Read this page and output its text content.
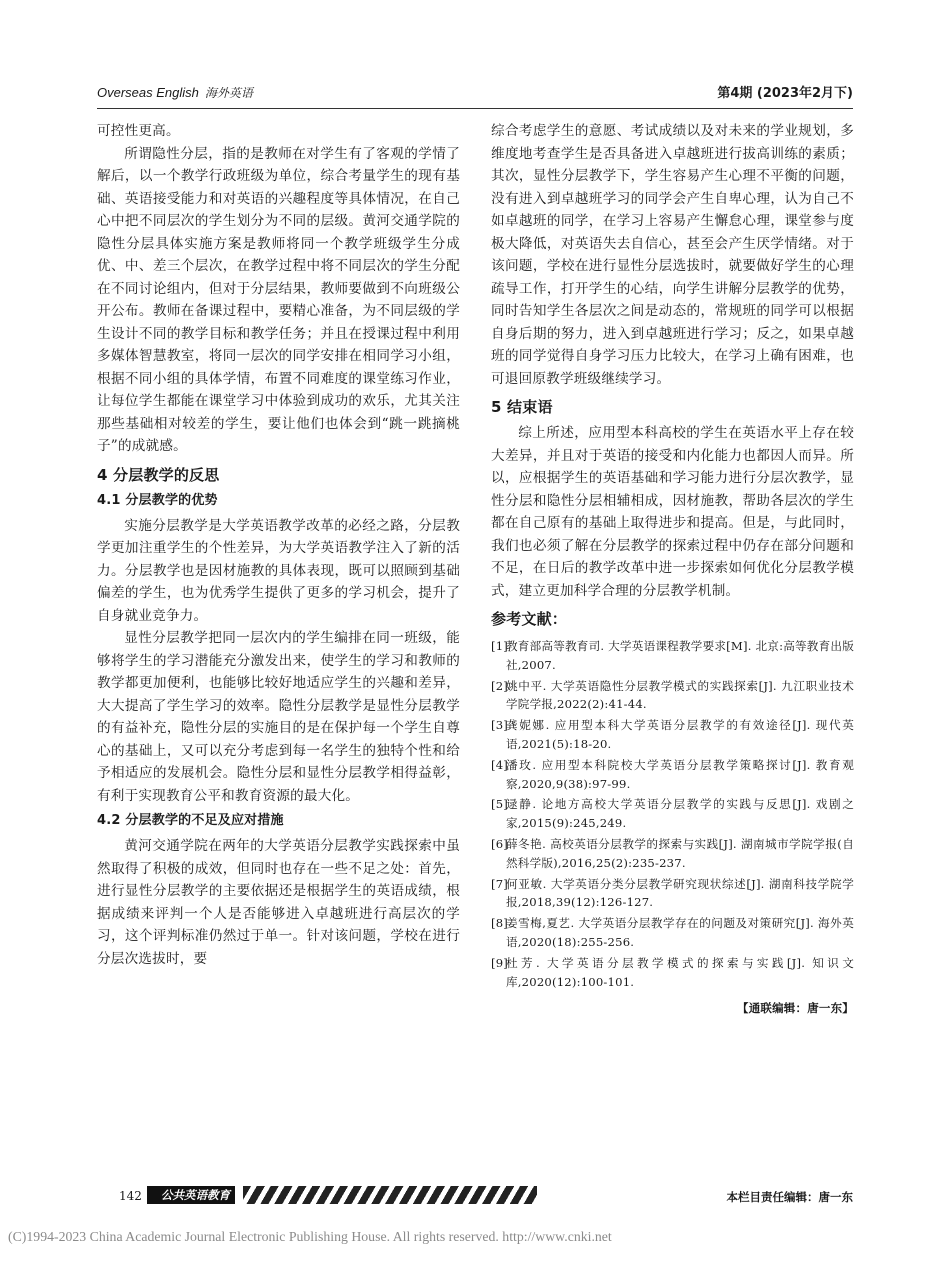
Overseas English 海外英语	第4期 (2023年2月下)

可控性更高。

所谓隐性分层，指的是教师在对学生有了客观的学情了解后，以一个教学行政班级为单位，综合考量学生的现有基础、英语接受能力和对英语的兴趣程度等具体情况，在自己心中把不同层次的学生划分为不同的层级。黄河交通学院的隐性分层具体实施方案是教师将同一个教学班级学生分成优、中、差三个层次，在教学过程中将不同层次的学生分配在不同讨论组内，但对于分层结果，教师要做到不向班级公开公布。教师在备课过程中，要精心准备，为不同层级的学生设计不同的教学目标和教学任务；并且在授课过程中利用多媒体智慧教室，将同一层次的同学安排在相同学习小组，根据不同小组的具体学情，布置不同难度的课堂练习作业，让每位学生都能在课堂学习中体验到成功的欢乐，尤其关注那些基础相对较差的学生，要让他们也体会到“跳一跳摘桃子”的成就感。

4 分层教学的反思
4.1 分层教学的优势

实施分层教学是大学英语教学改革的必经之路，分层教学更加注重学生的个性差异，为大学英语教学注入了新的活力。分层教学也是因材施教的具体表现，既可以照顾到基础偏差的学生，也为优秀学生提供了更多的学习机会，提升了自身就业竞争力。

显性分层教学把同一层次内的学生编排在同一班级，能够将学生的学习潜能充分激发出来，使学生的学习和教师的教学都更加便利，也能够比较好地适应学生的兴趣和差异，大大提高了学生学习的效率。隐性分层教学是显性分层教学的有益补充，隐性分层的实施目的是在保护每一个学生自尊心的基础上，又可以充分考虑到每一名学生的独特个性和给予相适应的发展机会。隐性分层和显性分层教学相得益彰，有利于实现教育公平和教育资源的最大化。

4.2 分层教学的不足及应对措施

黄河交通学院在两年的大学英语分层教学实践探索中虽然取得了积极的成效，但同时也存在一些不足之处：首先，进行显性分层教学的主要依据还是根据学生的英语成绩，根据成绩来评判一个人是否能够进入卓越班进行高层次的学习，这个评判标准仍然过于单一。针对该问题，学校在进行分层次选拔时，要

综合考虑学生的意愿、考试成绩以及对未来的学业规划，多维度地考查学生是否具备进入卓越班进行拔高训练的素质；其次，显性分层教学下，学生容易产生心理不平衡的问题，没有进入到卓越班学习的同学会产生自卑心理，认为自己不如卓越班的同学，在学习上容易产生懈怠心理，课堂参与度极大降低，对英语失去自信心，甚至会产生厌学情绪。对于该问题，学校在进行显性分层选拔时，就要做好学生的心理疏导工作，打开学生的心结，向学生讲解分层教学的优势，同时告知学生各层次之间是动态的，常规班的同学可以根据自身后期的努力，进入到卓越班进行学习；反之，如果卓越班的同学觉得自身学习压力比较大，在学习上确有困难，也可退回原教学班级继续学习。

5 结束语

综上所述，应用型本科高校的学生在英语水平上存在较大差异，并且对于英语的接受和内化能力也都因人而异。所以，应根据学生的英语基础和学习能力进行分层次教学，显性分层和隐性分层相辅相成，因材施教，帮助各层次的学生都在自己原有的基础上取得进步和提高。但是，与此同时，我们也必须了解在分层教学的探索过程中仍存在部分问题和不足，在日后的教学改革中进一步探索如何优化分层教学模式，建立更加科学合理的分层教学机制。

参考文献：
[1]
教育部高等教育司. 大学英语课程教学要求[M]. 北京:高等教育出版社,2007.
[2]
姚中平. 大学英语隐性分层教学模式的实践探索[J]. 九江职业技术学院学报,2022(2):41-44.
[3]
龚妮娜. 应用型本科大学英语分层教学的有效途径[J]. 现代英语,2021(5):18-20.
[4]
潘玫. 应用型本科院校大学英语分层教学策略探讨[J]. 教育观察,2020,9(38):97-99.
[5]
逯静. 论地方高校大学英语分层教学的实践与反思[J]. 戏剧之家,2015(9):245,249.
[6]
薛冬艳. 高校英语分层教学的探索与实践[J]. 湖南城市学院学报(自然科学版),2016,25(2):235-237.
[7]
何亚敏. 大学英语分类分层教学研究现状综述[J]. 湖南科技学院学报,2018,39(12):126-127.
[8]
姜雪梅,夏艺. 大学英语分层教学存在的问题及对策研究[J]. 海外英语,2020(18):255-256.
[9]
杜芳. 大学英语分层教学模式的探索与实践[J]. 知识文库,2020(12):100-101.
【通联编辑：唐一东】
142	公共英语教育	本栏目责任编辑：唐一东
(C)1994-2023 China Academic Journal Electronic Publishing House. All rights reserved. http://www.cnki.net
